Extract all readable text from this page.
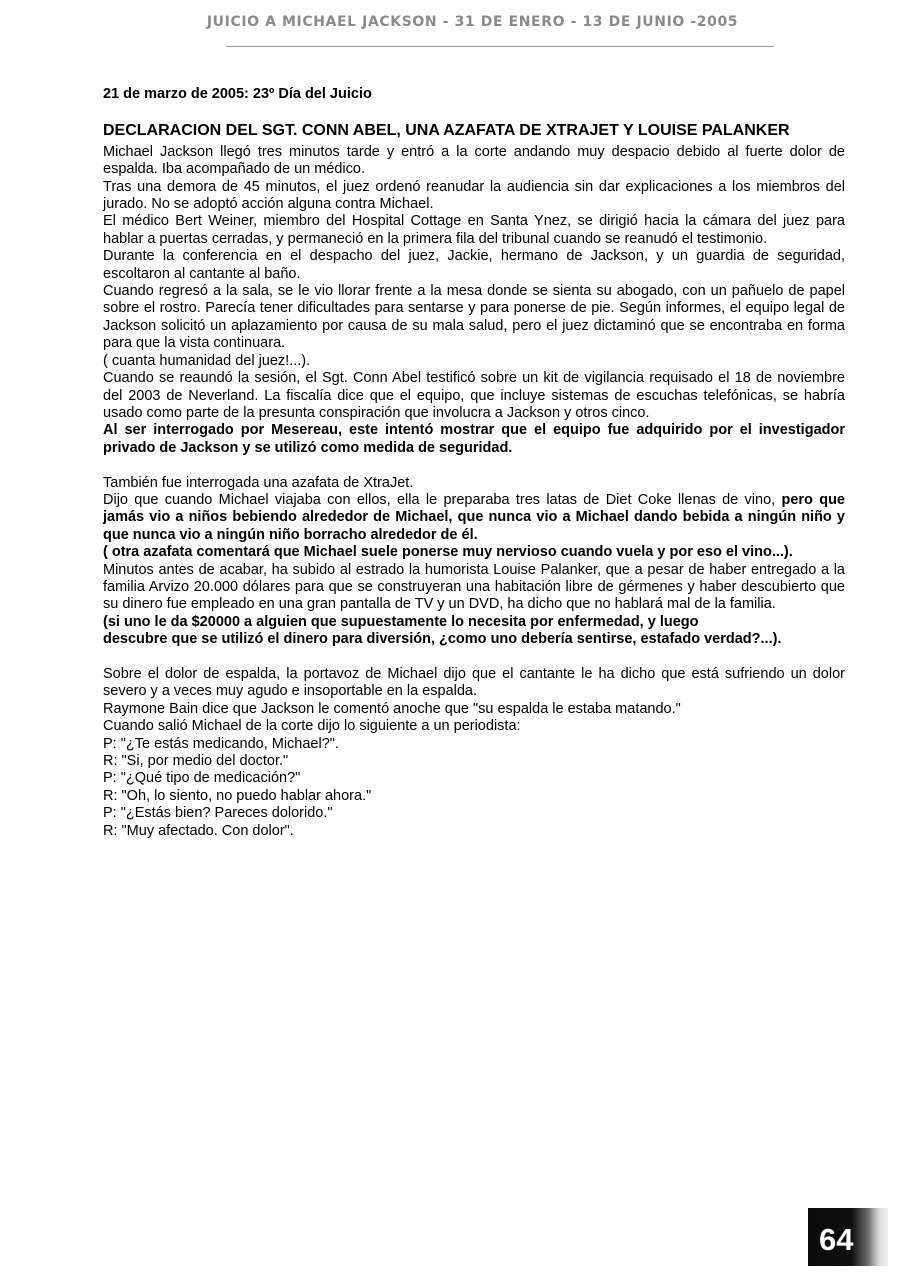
JUICIO A MICHAEL JACKSON - 31 DE ENERO - 13 DE JUNIO -2005
21 de marzo de 2005: 23º Día del Juicio
DECLARACION DEL SGT. CONN ABEL, UNA AZAFATA DE XTRAJET Y LOUISE PALANKER

Michael Jackson llegó tres minutos tarde y entró a la corte andando muy despacio debido al fuerte dolor de espalda. Iba acompañado de un médico.

Tras una demora de 45 minutos, el juez ordenó reanudar la audiencia sin dar explicaciones a los miembros del jurado. No se adoptó acción alguna contra Michael.

El médico Bert Weiner, miembro del Hospital Cottage en Santa Ynez, se dirigió hacia la cámara del juez para hablar a puertas cerradas, y permaneció en la primera fila del tribunal cuando se reanudó el testimonio.

Durante la conferencia en el despacho del juez, Jackie, hermano de Jackson, y un guardia de seguridad, escoltaron al cantante al baño.

Cuando regresó a la sala, se le vio llorar frente a la mesa donde se sienta su abogado, con un pañuelo de papel sobre el rostro. Parecía tener dificultades para sentarse y para ponerse de pie. Según informes, el equipo legal de Jackson solicitó un aplazamiento por causa de su mala salud, pero el juez dictaminó que se encontraba en forma para que la vista continuara.

( cuanta humanidad del juez!...).

Cuando se reaundó la sesión, el Sgt. Conn Abel testificó sobre un kit de vigilancia requisado el 18 de noviembre del 2003 de Neverland. La fiscalía dice que el equipo, que incluye sistemas de escuchas telefónicas, se habría usado como parte de la presunta conspiración que involucra a Jackson y otros cinco.

Al ser interrogado por Mesereau, este intentó mostrar que el equipo fue adquirido por el investigador privado de Jackson y se utilizó como medida de seguridad.

También fue interrogada una azafata de XtraJet.

Dijo que cuando Michael viajaba con ellos, ella le preparaba tres latas de Diet Coke llenas de vino, pero que jamás vio a niños bebiendo alrededor de Michael, que nunca vio a Michael dando bebida a ningún niño y que nunca vio a ningún niño borracho alrededor de él.

( otra azafata comentará que Michael suele ponerse muy nervioso cuando vuela y por eso el vino...).

Minutos antes de acabar, ha subido al estrado la humorista Louise Palanker, que a pesar de haber entregado a la familia Arvizo 20.000 dólares para que se construyeran una habitación libre de gérmenes y haber descubierto que su dinero fue empleado en una gran pantalla de TV y un DVD, ha dicho que no hablará mal de la familia.

(si uno le da $20000 a alguien que supuestamente lo necesita por enfermedad, y luego

descubre que se utilizó el dinero para diversión, ¿como uno debería sentirse, estafado verdad?...).

Sobre el dolor de espalda, la portavoz de Michael dijo que el cantante le ha dicho que está sufriendo un dolor severo y a veces muy agudo e insoportable en la espalda.

Raymone Bain dice que Jackson le comentó anoche que "su espalda le estaba matando."

Cuando salió Michael de la corte dijo lo siguiente a un periodista:

P: "¿Te estás medicando, Michael?".

R: "Si, por medio del doctor."

P: "¿Qué tipo de medicación?"

R: "Oh, lo siento, no puedo hablar ahora."

P: "¿Estás bien? Pareces dolorido."

R: "Muy afectado. Con dolor".

64
